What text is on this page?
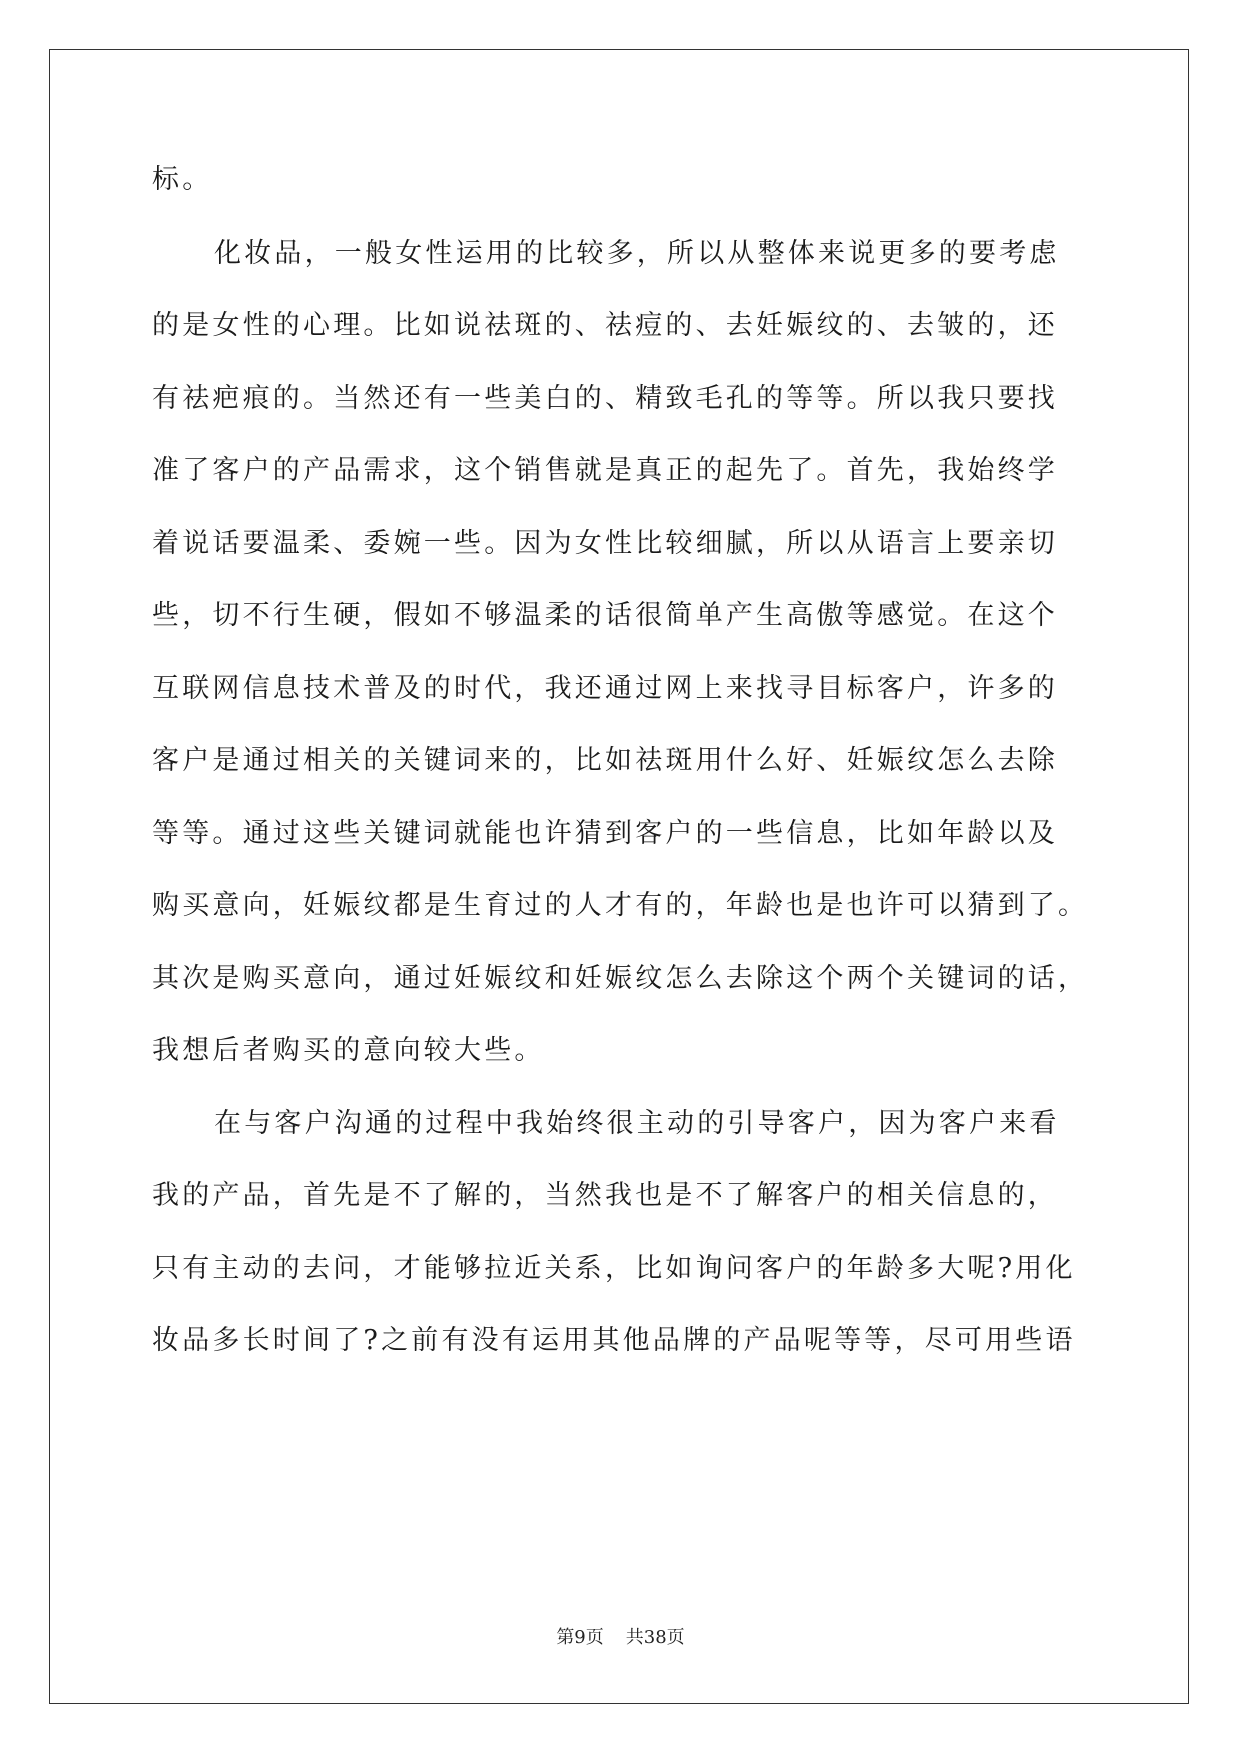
标。
化妆品，一般女性运用的比较多，所以从整体来说更多的要考虑
的是女性的心理。比如说祛斑的、祛痘的、去妊娠纹的、去皱的，还
有祛疤痕的。当然还有一些美白的、精致毛孔的等等。所以我只要找
准了客户的产品需求，这个销售就是真正的起先了。首先，我始终学
着说话要温柔、委婉一些。因为女性比较细腻，所以从语言上要亲切
些，切不行生硬，假如不够温柔的话很简单产生高傲等感觉。在这个
互联网信息技术普及的时代，我还通过网上来找寻目标客户，许多的
客户是通过相关的关键词来的，比如祛斑用什么好、妊娠纹怎么去除
等等。通过这些关键词就能也许猜到客户的一些信息，比如年龄以及
购买意向，妊娠纹都是生育过的人才有的，年龄也是也许可以猜到了。
其次是购买意向，通过妊娠纹和妊娠纹怎么去除这个两个关键词的话，
我想后者购买的意向较大些。
在与客户沟通的过程中我始终很主动的引导客户，因为客户来看
我的产品，首先是不了解的，当然我也是不了解客户的相关信息的，
只有主动的去问，才能够拉近关系，比如询问客户的年龄多大呢?用化
妆品多长时间了?之前有没有运用其他品牌的产品呢等等，尽可用些语
第9页 共38页
